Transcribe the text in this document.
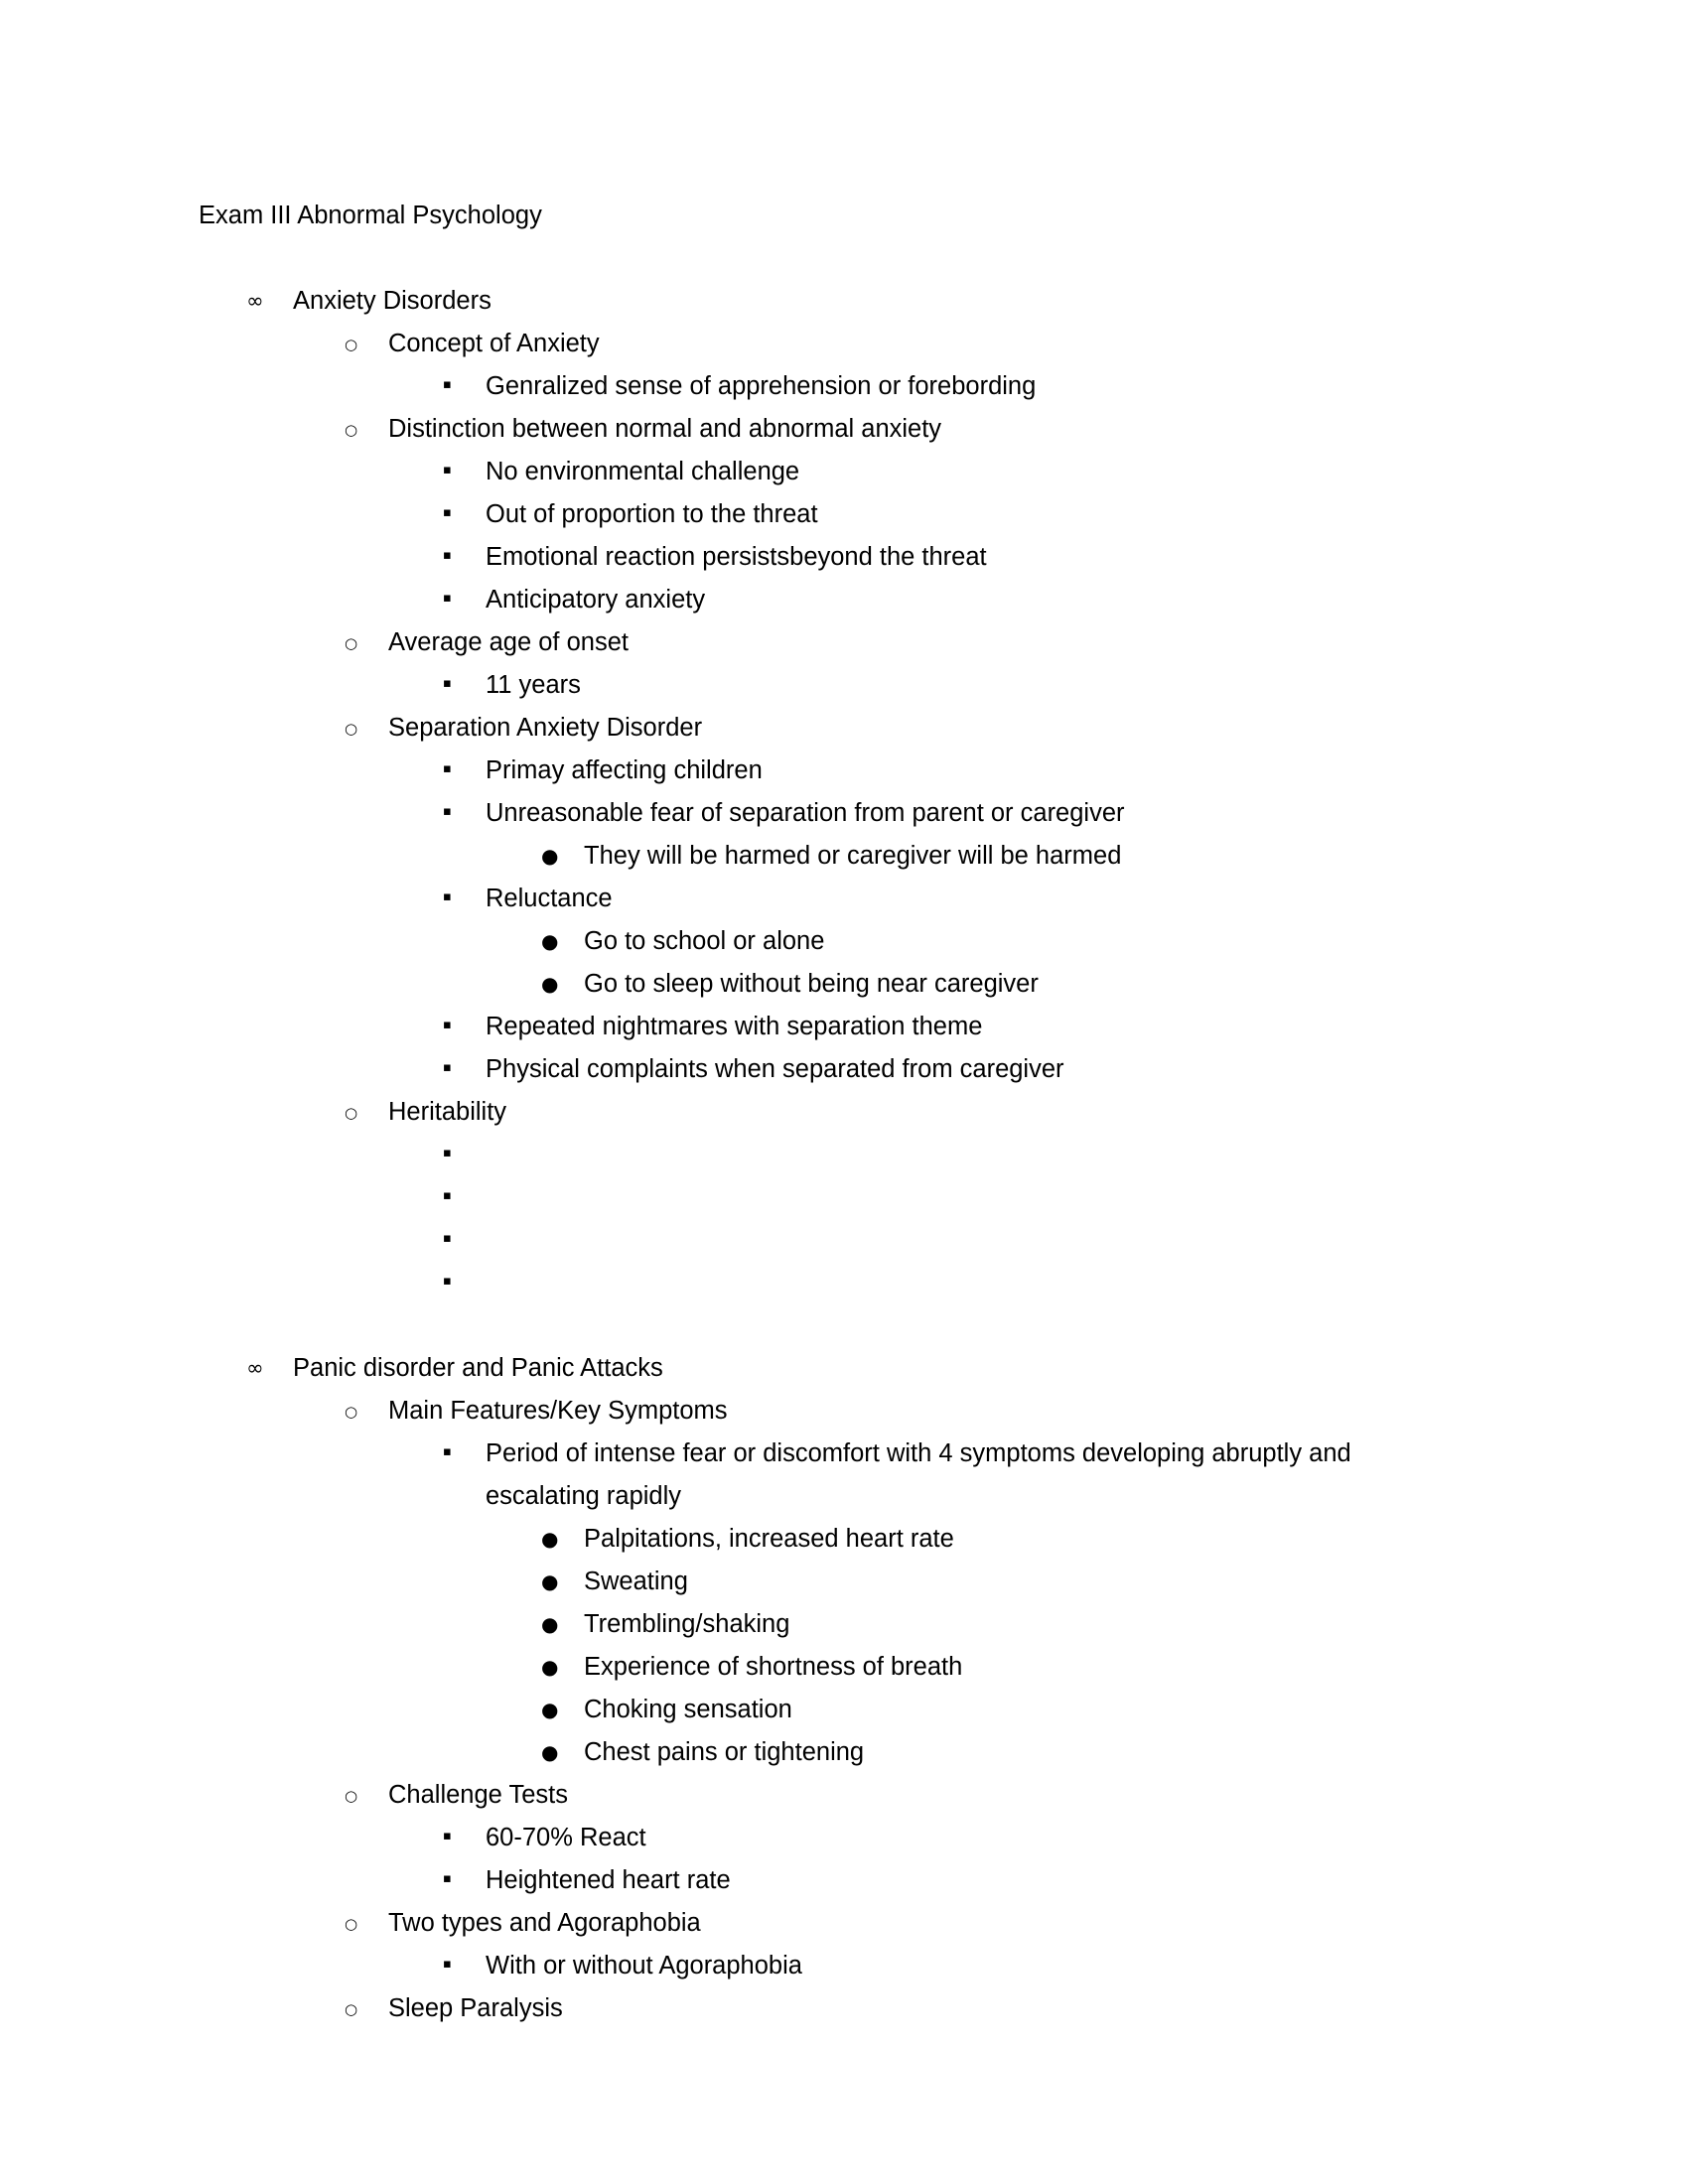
Exam III Abnormal Psychology
∞ Anxiety Disorders
○ Concept of Anxiety
▪ Genralized sense of apprehension or forebording
○ Distinction between normal and abnormal anxiety
▪ No environmental challenge
▪ Out of proportion to the threat
▪ Emotional reaction persistsbeyond the threat
▪ Anticipatory anxiety
○ Average age of onset
▪ 11 years
○ Separation Anxiety Disorder
▪ Primay affecting children
▪ Unreasonable fear of separation from parent or caregiver
● They will be harmed or caregiver will be harmed
▪ Reluctance
● Go to school or alone
● Go to sleep without being near caregiver
▪ Repeated nightmares with separation theme
▪ Physical complaints when separated from caregiver
○ Heritability
▪
▪
▪
▪

∞ Panic disorder and Panic Attacks
○ Main Features/Key Symptoms
▪ Period of intense fear or discomfort with 4 symptoms developing abruptly and escalating rapidly
● Palpitations, increased heart rate
● Sweating
● Trembling/shaking
● Experience of shortness of breath
● Choking sensation
● Chest pains or tightening
○ Challenge Tests
▪ 60-70% React
▪ Heightened heart rate
○ Two types and Agoraphobia
▪ With or without Agoraphobia
○ Sleep Paralysis
